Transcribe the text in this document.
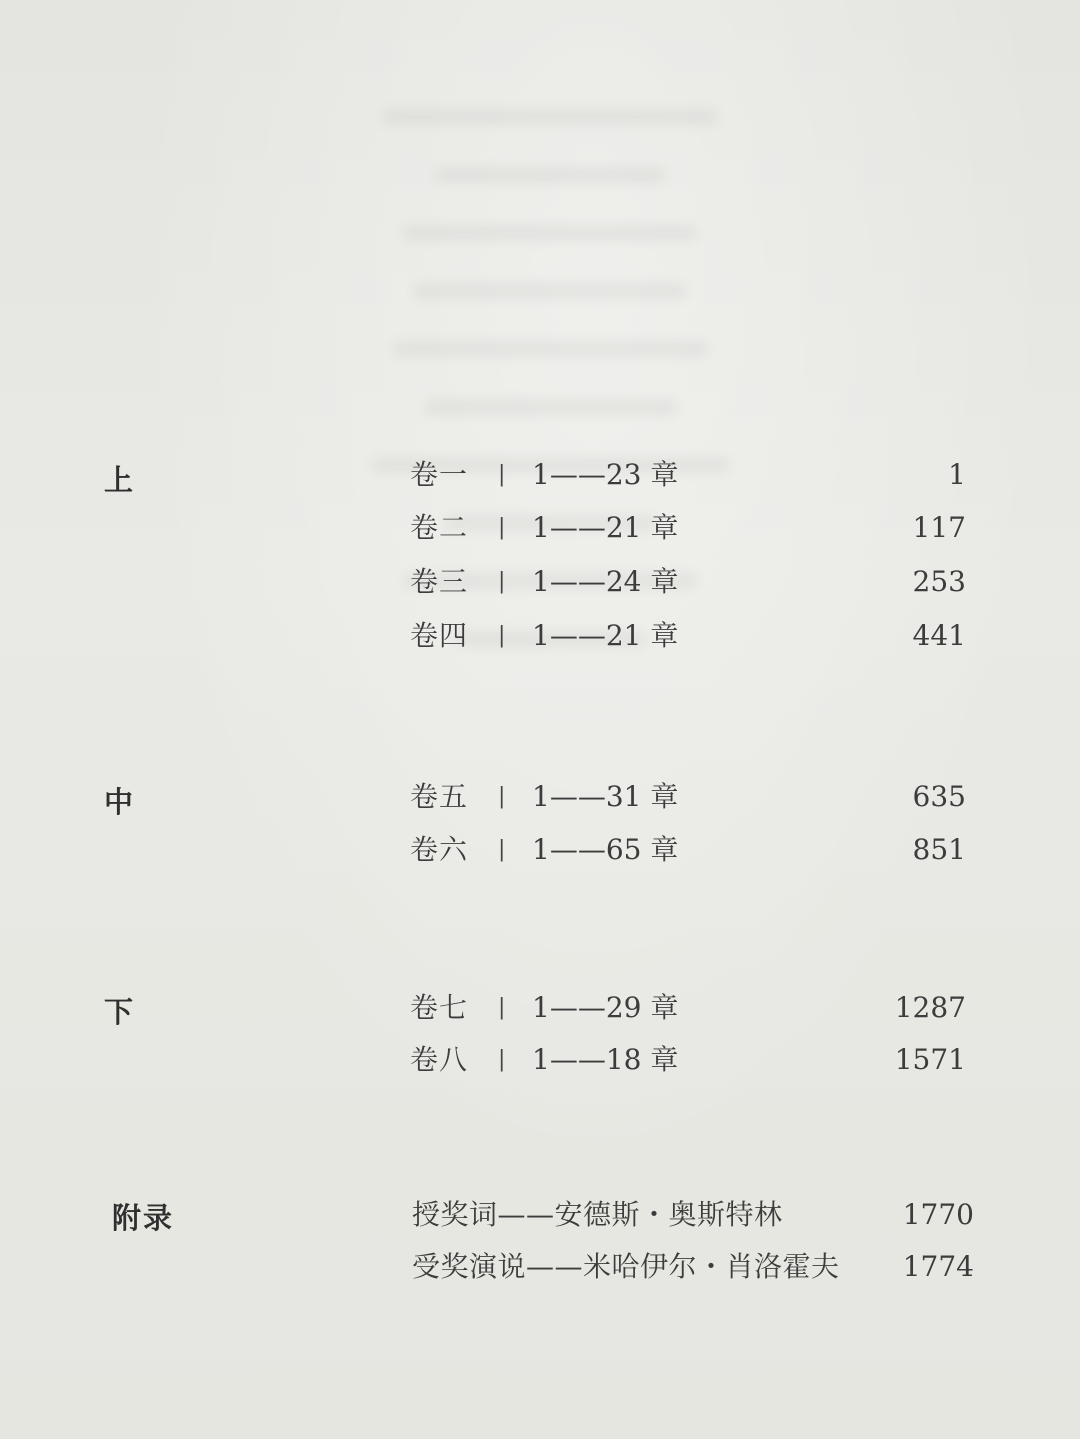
上	卷一 | 1——23 章	1
卷二 | 1——21 章	117
卷三 | 1——24 章	253
卷四 | 1——21 章	441
中	卷五 | 1——31 章	635
卷六 | 1——65 章	851
下	卷七 | 1——29 章	1287
卷八 | 1——18 章	1571
附录	授奖词——安德斯・奥斯特林	1770
受奖演说——米哈伊尔・肖洛霍夫 1774
